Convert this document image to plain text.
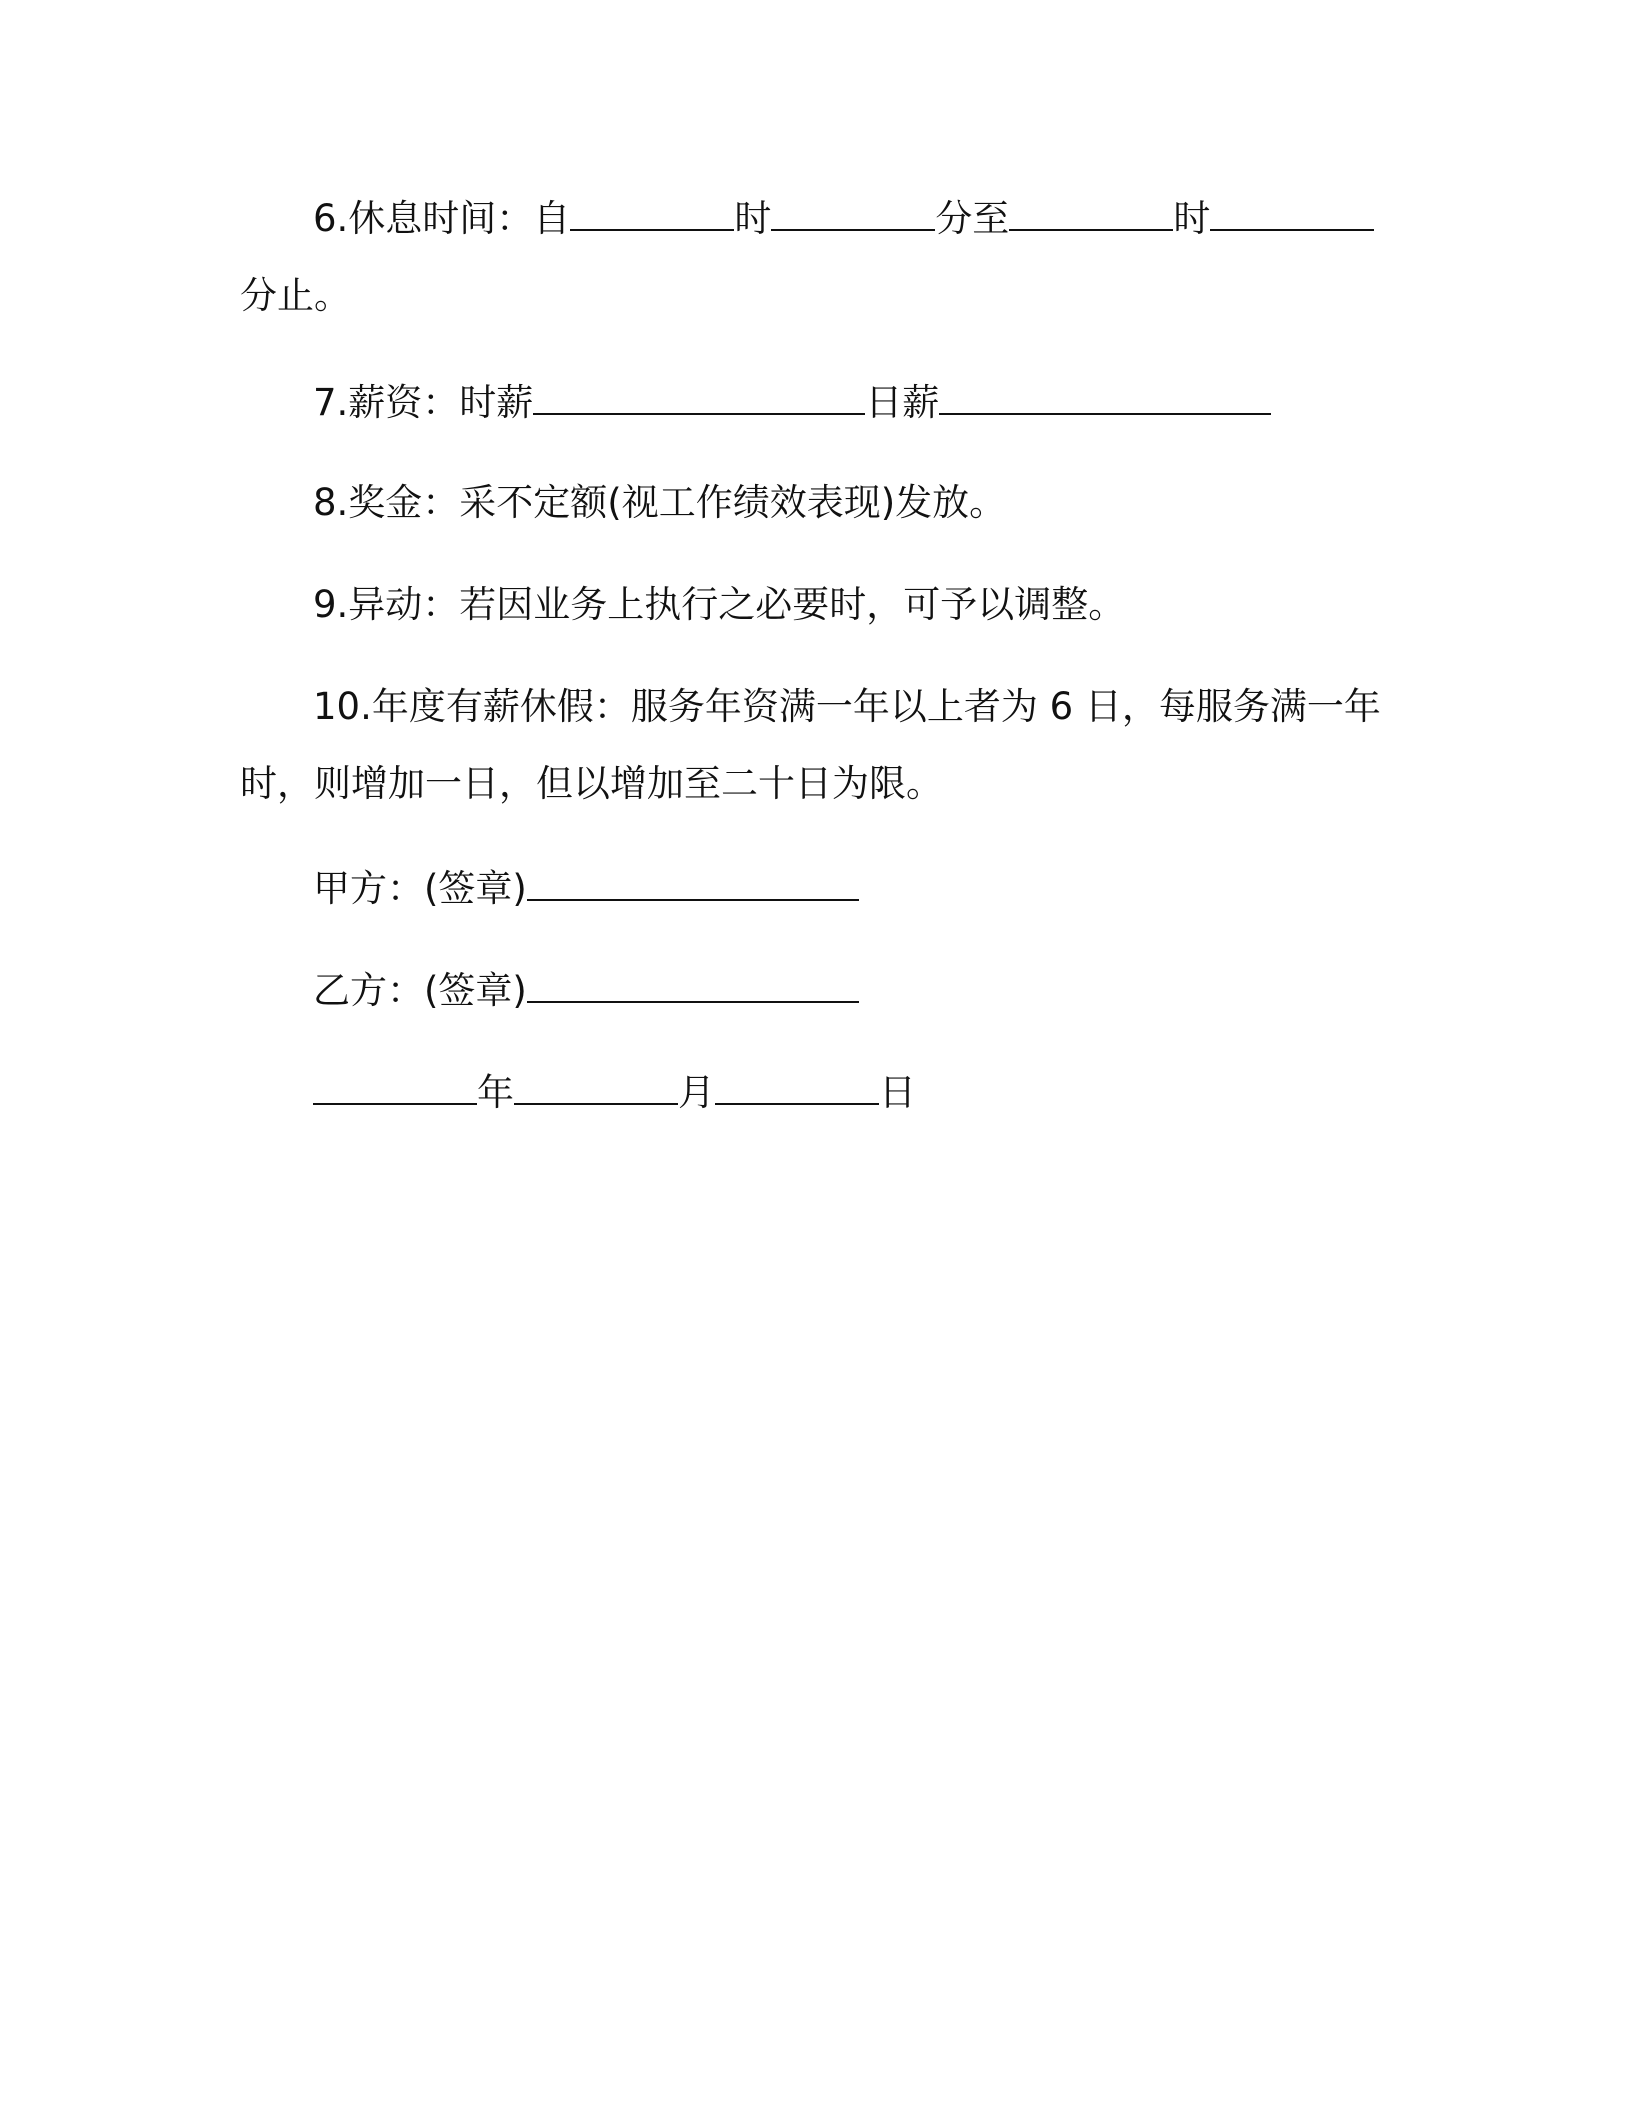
6.休息时间：自	时	分至	时
分止。
7.薪资：时薪	日薪
8.奖金：采不定额(视工作绩效表现)发放。
9.异动：若因业务上执行之必要时，可予以调整。

10.年度有薪休假：服务年资满一年以上者为 6 日，每服务满一年时，则增加一日，但以增加至二十日为限。

甲方：(签章)
乙方：(签章)
年	月	日
